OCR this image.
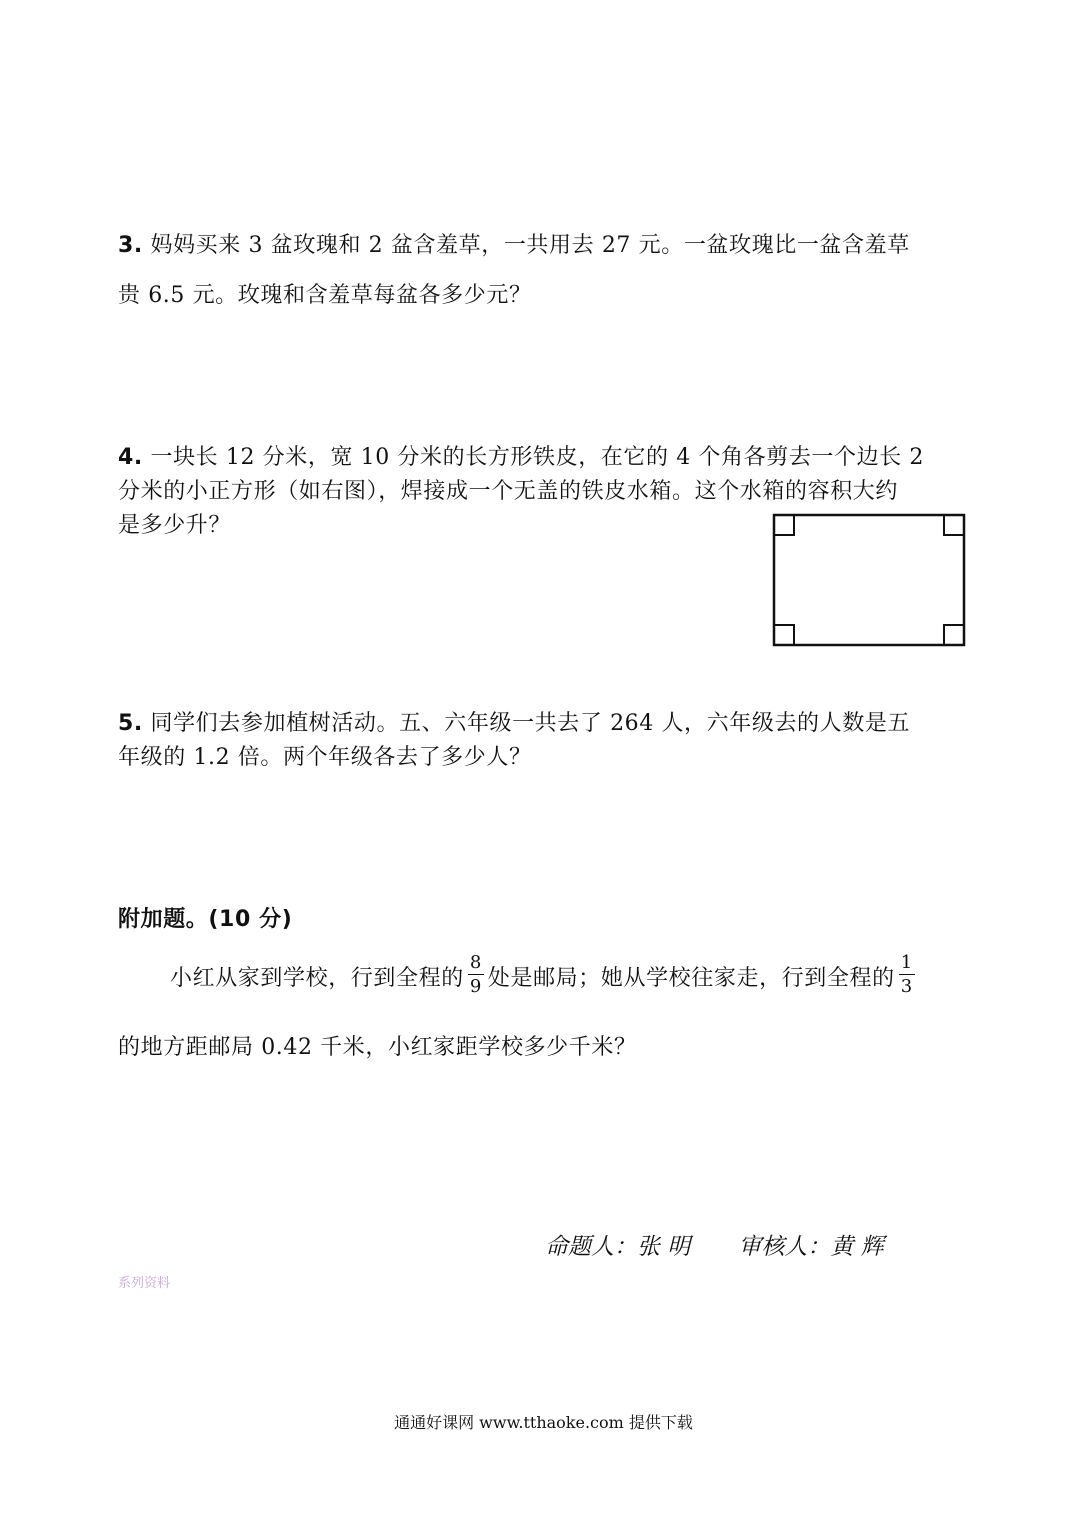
3. 妈妈买来 3 盆玫瑰和 2 盆含羞草，一共用去 27 元。一盆玫瑰比一盆含羞草
贵 6.5 元。玫瑰和含羞草每盆各多少元？
4. 一块长 12 分米，宽 10 分米的长方形铁皮，在它的 4 个角各剪去一个边长 2
分米的小正方形（如右图），焊接成一个无盖的铁皮水箱。这个水箱的容积大约
是多少升？
5. 同学们去参加植树活动。五、六年级一共去了 264 人，六年级去的人数是五
年级的 1.2 倍。两个年级各去了多少人？
附加题。(10 分)
小红从家到学校，行到全程的 $\frac{8}{9}$ 处是邮局；她从学校往家走，行到全程的 $\frac{1}{3}$
的地方距邮局 0.42 千米，小红家距学校多少千米？
命题人：张 明 审核人：黄 辉
系列资料
通通好课网 www.tthaoke.com 提供下载
